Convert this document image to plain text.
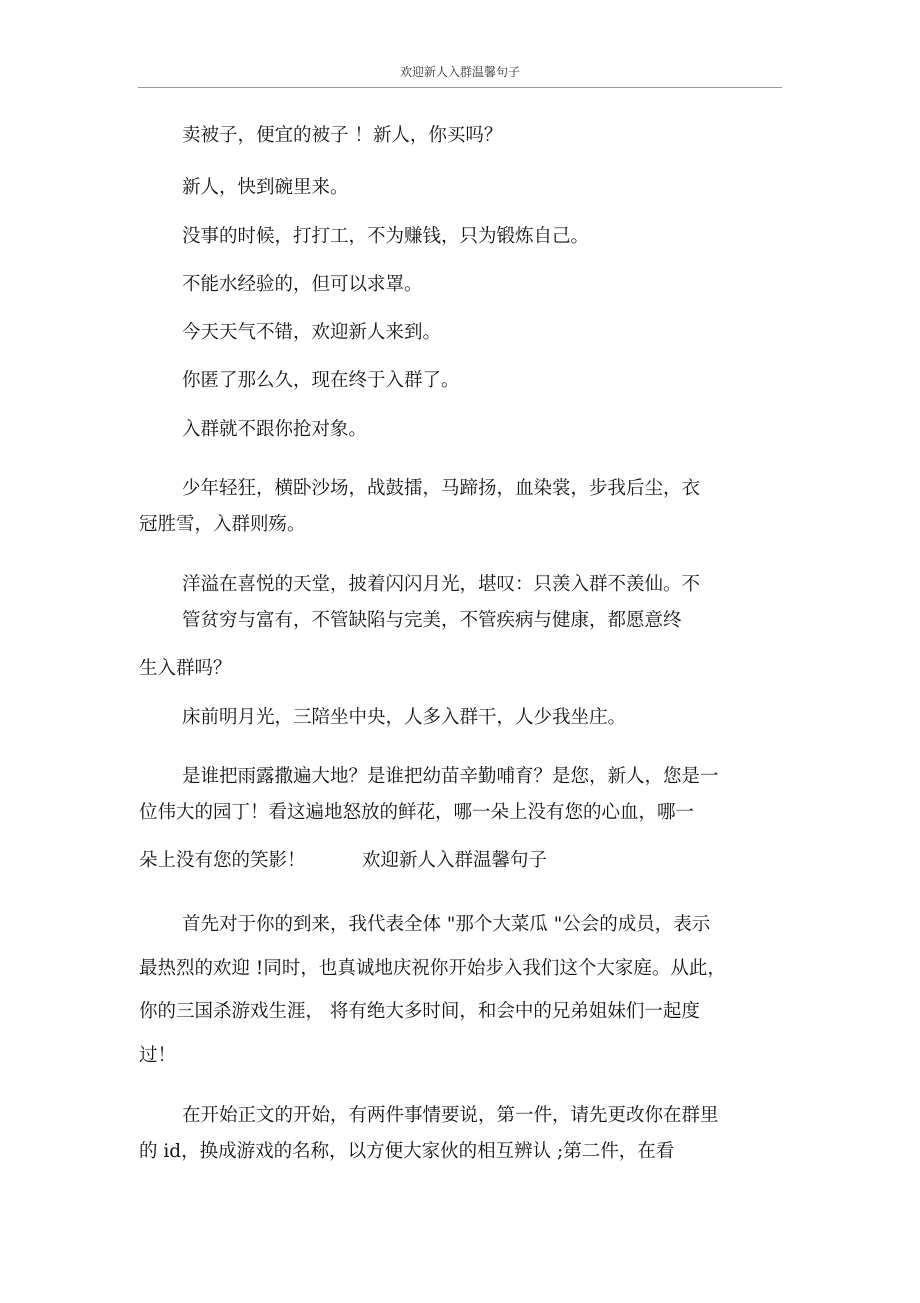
欢迎新人入群温馨句子
卖被子，便宜的被子 ！新人，你买吗？
新人，快到碗里来。
没事的时候，打打工，不为赚钱，只为锻炼自己。
不能水经验的，但可以求罩。
今天天气不错，欢迎新人来到。
你匿了那么久，现在终于入群了。
入群就不跟你抢对象。
少年轻狂，横卧沙场，战鼓擂，马蹄扬，血染裳，步我后尘，衣
冠胜雪，入群则殇。
洋溢在喜悦的天堂，披着闪闪月光，堪叹：只羡入群不羡仙。不
管贫穷与富有，不管缺陷与完美，不管疾病与健康，都愿意终
生入群吗？
床前明月光，三陪坐中央，人多入群干，人少我坐庄。
是谁把雨露撒遍大地？是谁把幼苗辛勤哺育？是您，新人，您是一
位伟大的园丁！看这遍地怒放的鲜花，哪一朵上没有您的心血，哪一
朵上没有您的笑影！	欢迎新人入群温馨句子
首先对于你的到来，我代表全体 "那个大菜瓜 "公会的成员，表示
最热烈的欢迎 !同时，也真诚地庆祝你开始步入我们这个大家庭。从此，
你的三国杀游戏生涯， 将有绝大多时间，和会中的兄弟姐妹们一起度
过！
在开始正文的开始，有两件事情要说，第一件，请先更改你在群里
的 id，换成游戏的名称，以方便大家伙的相互辨认 ;第二件，在看
